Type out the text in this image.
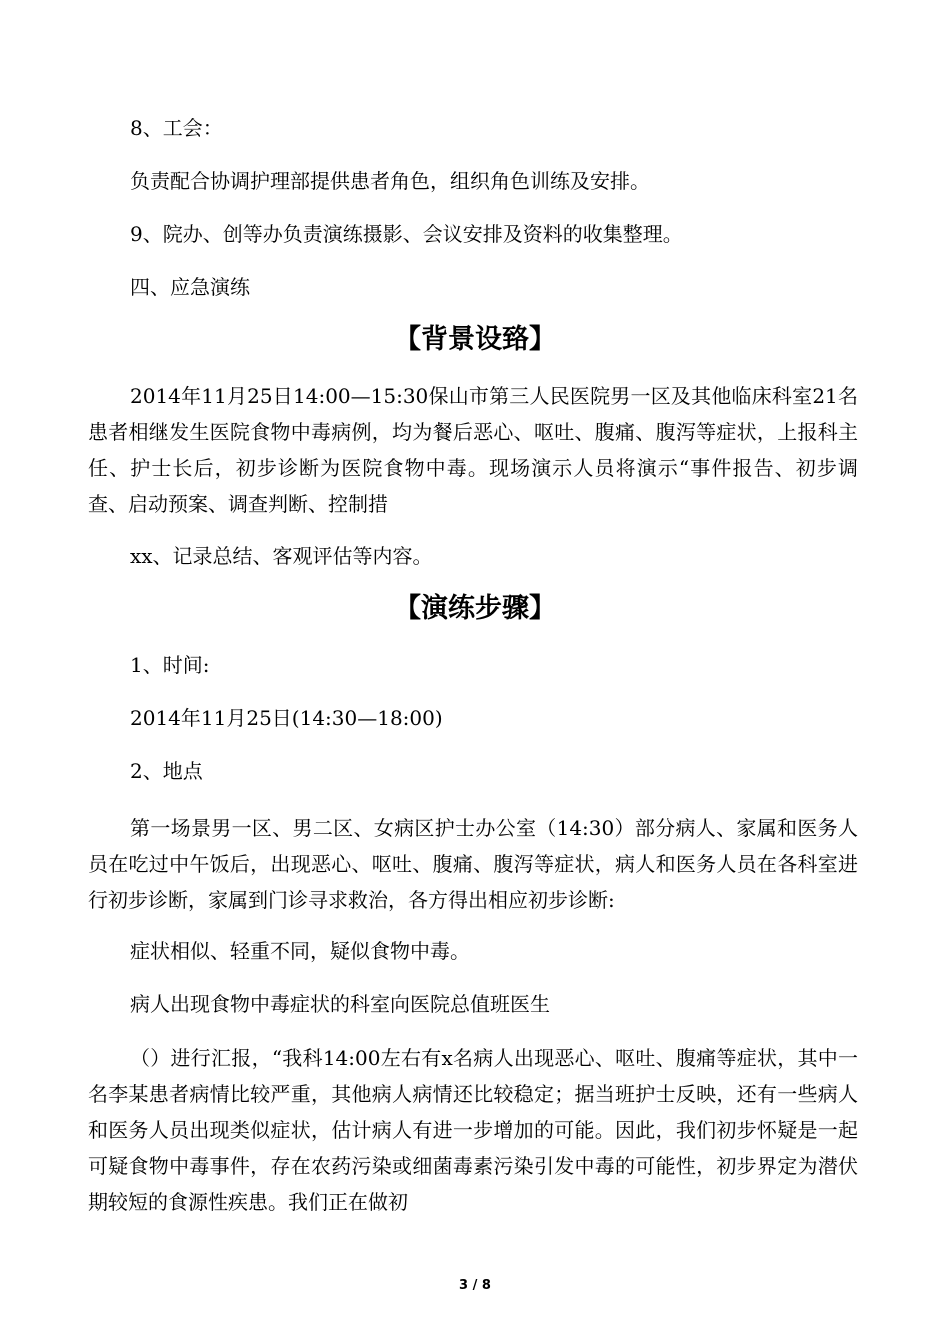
8、工会：

负责配合协调护理部提供患者角色，组织角色训练及安排。

9、院办、创等办负责演练摄影、会议安排及资料的收集整理。

四、应急演练

【背景设臵】

2014年11月25日14:00—15:30保山市第三人民医院男一区及其他临床科室21名患者相继发生医院食物中毒病例，均为餐后恶心、呕吐、腹痛、腹泻等症状，上报科主任、护士长后，初步诊断为医院食物中毒。现场演示人员将演示“事件报告、初步调查、启动预案、调查判断、控制措

xx、记录总结、客观评估等内容。

【演练步骤】

1、时间:

2014年11月25日(14:30—18:00)

2、地点

第一场景男一区、男二区、女病区护士办公室（14:30）部分病人、家属和医务人员在吃过中午饭后，出现恶心、呕吐、腹痛、腹泻等症状，病人和医务人员在各科室进行初步诊断，家属到门诊寻求救治，各方得出相应初步诊断:

症状相似、轻重不同，疑似食物中毒。

病人出现食物中毒症状的科室向医院总值班医生

（）进行汇报，“我科14:00左右有x名病人出现恶心、呕吐、腹痛等症状，其中一名李某患者病情比较严重，其他病人病情还比较稳定；据当班护士反映，还有一些病人和医务人员出现类似症状，估计病人有进一步增加的可能。因此，我们初步怀疑是一起可疑食物中毒事件，存在农药污染或细菌毒素污染引发中毒的可能性，初步界定为潜伏期较短的食源性疾患。我们正在做初

3 / 8
